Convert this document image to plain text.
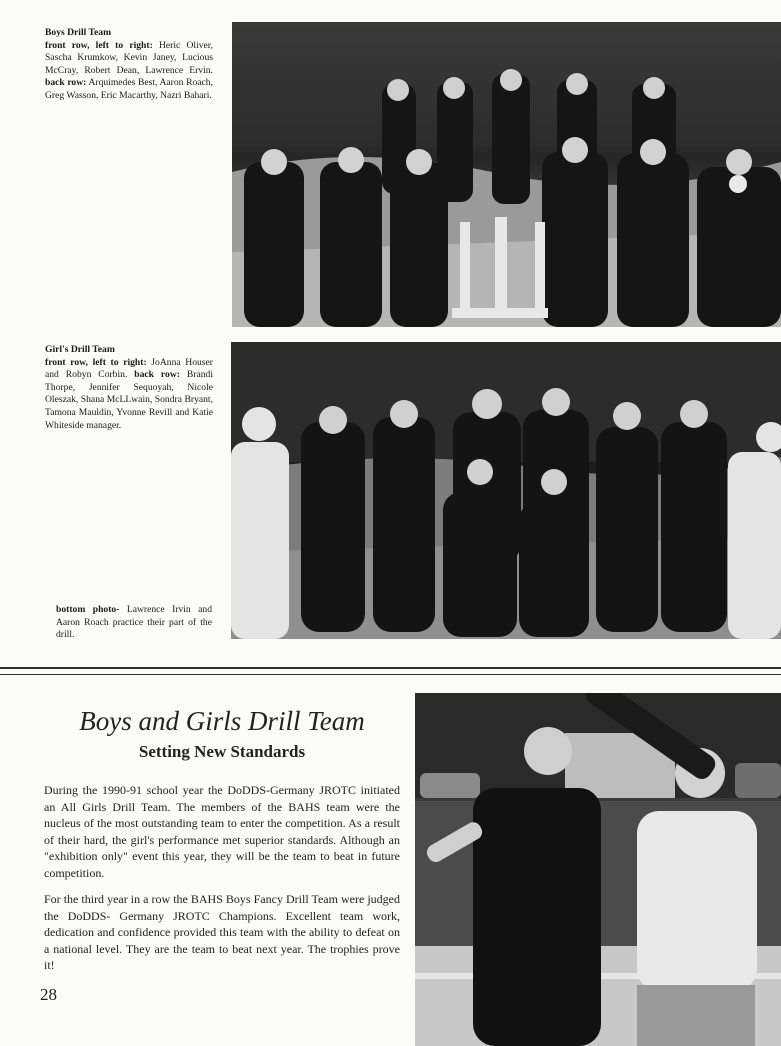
Boys Drill Team
front row, left to right: Heric Oliver, Sascha Krumkow, Kevin Janey, Lucious McCray, Robert Dean, Lawrence Ervin. back row: Arquimedes Best, Aaron Roach, Greg Wasson, Eric Macarthy, Nazri Bahari.
Girl's Drill Team
front row, left to right: JoAnna Houser and Robyn Corbin. back row: Brandi Thorpe, Jennifer Sequoyah, Nicole Oleszak, Shana McLLwain, Sondra Bryant, Tamona Mauldin, Yvonne Revill and Katie Whiteside manager.
bottom photo- Lawrence Irvin and Aaron Roach practice their part of the drill.
Boys and Girls Drill Team
Setting New Standards

During the 1990-91 school year the DoDDS-Germany JROTC initiated an All Girls Drill Team. The members of the BAHS team were the nucleus of the most outstanding team to enter the competition. As a result of their hard, the girl's performance met superior standards. Although an "exhibition only" event this year, they will be the team to beat in future competition.

For the third year in a row the BAHS Boys Fancy Drill Team were judged the DoDDS- Germany JROTC Champions. Excellent team work, dedication and confidence provided this team with the ability to defeat on a national level. They are the team to beat next year. The trophies prove it!

28
